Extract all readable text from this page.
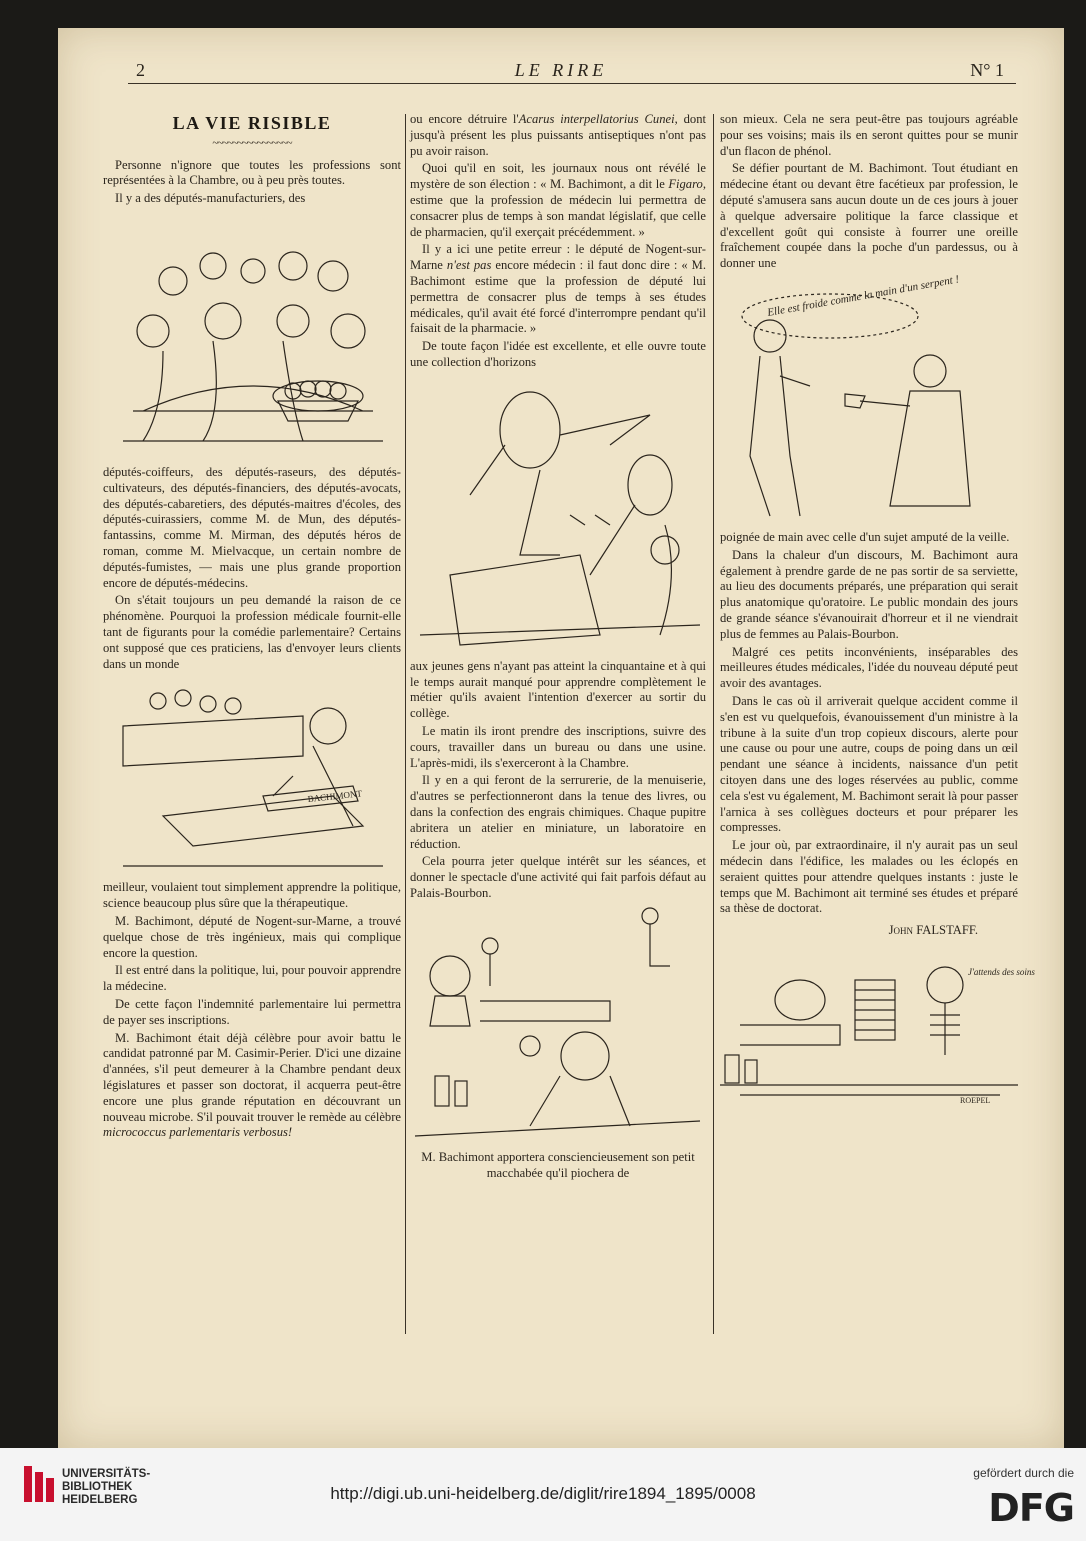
2	LE RIRE	N° 1
LA VIE RISIBLE
~~~~~~~~~~~~~~~~

Personne n'ignore que toutes les professions sont représentées à la Chambre, ou à peu près toutes.

Il y a des députés-manufacturiers, des

députés-coiffeurs, des députés-raseurs, des députés-cultivateurs, des députés-financiers, des députés-avocats, des députés-cabaretiers, des députés-maitres d'écoles, des députés-cuirassiers, comme M. de Mun, des députés-fantassins, comme M. Mirman, des députés héros de roman, comme M. Mielvacque, un certain nombre de députés-fumistes, — mais une plus grande proportion encore de députés-médecins.

On s'était toujours un peu demandé la raison de ce phénomène. Pourquoi la profession médicale fournit-elle tant de figurants pour la comédie parlementaire? Certains ont supposé que ces praticiens, las d'envoyer leurs clients dans un monde

BACHIMONT

meilleur, voulaient tout simplement apprendre la politique, science beaucoup plus sûre que la thérapeutique.

M. Bachimont, député de Nogent-sur-Marne, a trouvé quelque chose de très ingénieux, mais qui complique encore la question.

Il est entré dans la politique, lui, pour pouvoir apprendre la médecine.

De cette façon l'indemnité parlementaire lui permettra de payer ses inscriptions.

M. Bachimont était déjà célèbre pour avoir battu le candidat patronné par M. Casimir-Perier. D'ici une dizaine d'années, s'il peut demeurer à la Chambre pendant deux législatures et passer son doctorat, il acquerra peut-être encore une plus grande réputation en découvrant un nouveau microbe. S'il pouvait trouver le remède au célèbre micrococcus parlementaris verbosus!

ou encore détruire l'Acarus interpellatorius Cunei, dont jusqu'à présent les plus puissants antiseptiques n'ont pas pu avoir raison.

Quoi qu'il en soit, les journaux nous ont révélé le mystère de son élection : « M. Bachimont, a dit le Figaro, estime que la profession de médecin lui permettra de consacrer plus de temps à son mandat législatif, que celle de pharmacien, qu'il exerçait précédemment. »

Il y a ici une petite erreur : le député de Nogent-sur-Marne n'est pas encore médecin : il faut donc dire : « M. Bachimont estime que la profession de député lui permettra de consacrer plus de temps à ses études médicales, qu'il avait été forcé d'interrompre pendant qu'il faisait de la pharmacie. »

De toute façon l'idée est excellente, et elle ouvre toute une collection d'horizons

aux jeunes gens n'ayant pas atteint la cinquantaine et à qui le temps aurait manqué pour apprendre complètement le métier qu'ils avaient l'intention d'exercer au sortir du collège.

Le matin ils iront prendre des inscriptions, suivre des cours, travailler dans un bureau ou dans une usine. L'après-midi, ils s'exerceront à la Chambre.

Il y en a qui feront de la serrurerie, de la menuiserie, d'autres se perfectionneront dans la tenue des livres, ou dans la confection des engrais chimiques. Chaque pupitre abritera un atelier en miniature, un laboratoire en réduction.

Cela pourra jeter quelque intérêt sur les séances, et donner le spectacle d'une activité qui fait parfois défaut au Palais-Bourbon.

M. Bachimont apportera consciencieusement son petit macchabée qu'il piochera de

son mieux. Cela ne sera peut-être pas toujours agréable pour ses voisins; mais ils en seront quittes pour se munir d'un flacon de phénol.

Se défier pourtant de M. Bachimont. Tout étudiant en médecine étant ou devant être facétieux par profession, le député s'amusera sans aucun doute un de ces jours à jouer à quelque adversaire politique la farce classique et d'excellent goût qui consiste à fourrer une oreille fraîchement coupée dans la poche d'un pardessus, ou à donner une

Elle est froide comme la main d'un serpent !

poignée de main avec celle d'un sujet amputé de la veille.

Dans la chaleur d'un discours, M. Bachimont aura également à prendre garde de ne pas sortir de sa serviette, au lieu des documents préparés, une préparation qui serait plus anatomique qu'oratoire. Le public mondain des jours de grande séance s'évanouirait d'horreur et il ne viendrait plus de femmes au Palais-Bourbon.

Malgré ces petits inconvénients, inséparables des meilleures études médicales, l'idée du nouveau député peut avoir des avantages.

Dans le cas où il arriverait quelque accident comme il s'en est vu quelquefois, évanouissement d'un ministre à la tribune à la suite d'un trop copieux discours, alerte pour une cause ou pour une autre, coups de poing dans un œil pendant une séance à incidents, naissance d'un petit citoyen dans une des loges réservées au public, comme cela s'est vu également, M. Bachimont serait là pour passer l'arnica à ses collègues docteurs et pour préparer les compresses.

Le jour où, par extraordinaire, il n'y aurait pas un seul médecin dans l'édifice, les malades ou les éclopés en seraient quittes pour attendre quelques instants : juste le temps que M. Bachimont ait terminé ses études et préparé sa thèse de doctorat.

John FALSTAFF.
J'attends des soins
ROEPEL
UNIVERSITÄTS-
BIBLIOTHEK
HEIDELBERG	http://digi.ub.uni-heidelberg.de/diglit/rire1894_1895/0008
gefördert durch die
DFG
